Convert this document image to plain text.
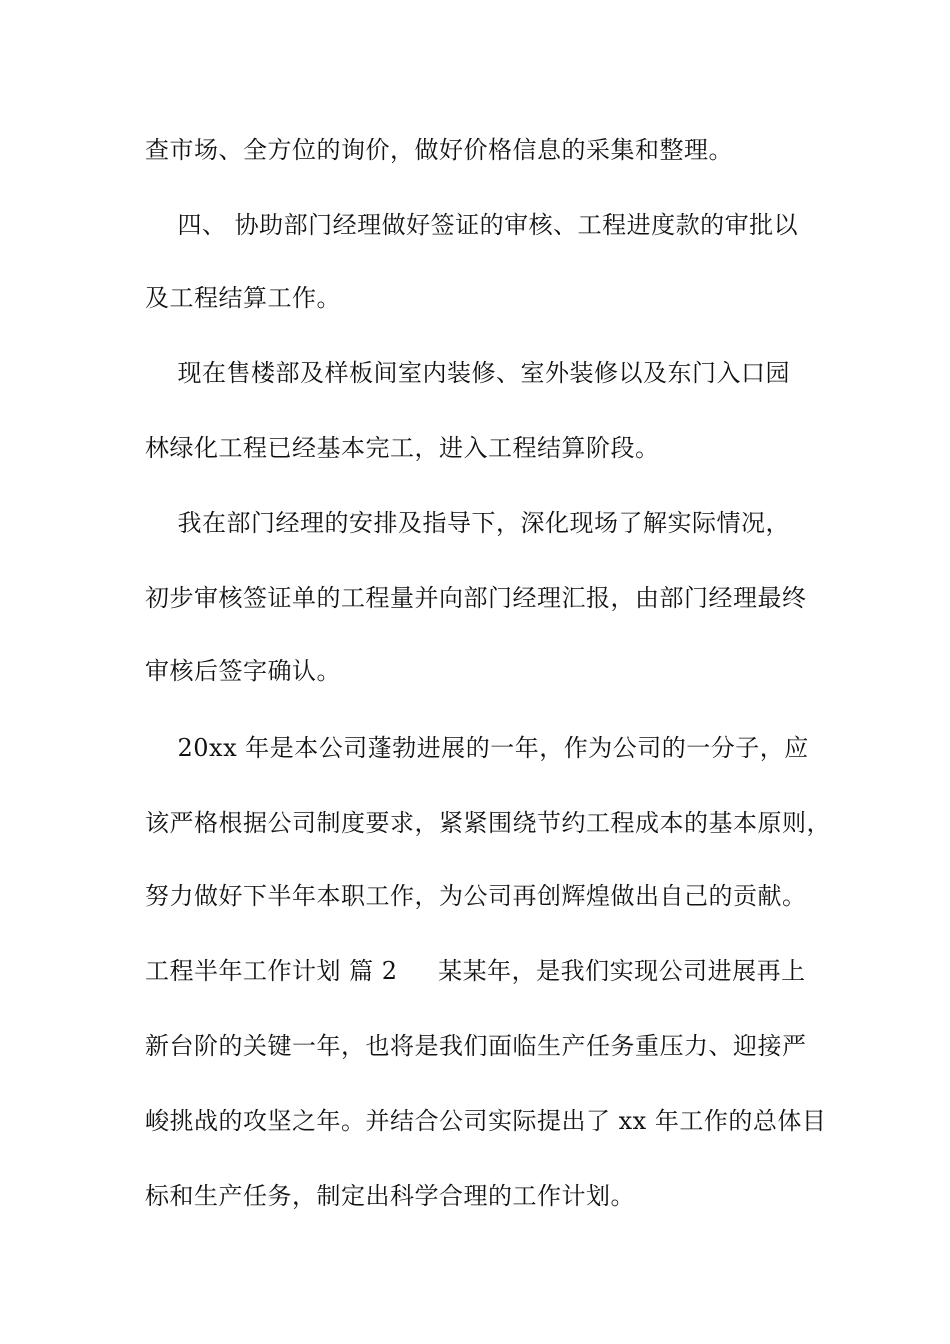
查市场、全方位的询价，做好价格信息的采集和整理。
四、 协助部门经理做好签证的审核、工程进度款的审批以
及工程结算工作。
现在售楼部及样板间室内装修、室外装修以及东门入口园
林绿化工程已经基本完工，进入工程结算阶段。
我在部门经理的安排及指导下，深化现场了解实际情况，
初步审核签证单的工程量并向部门经理汇报，由部门经理最终
审核后签字确认。
20xx 年是本公司蓬勃进展的一年，作为公司的一分子，应
该严格根据公司制度要求，紧紧围绕节约工程成本的基本原则，
努力做好下半年本职工作，为公司再创辉煌做出自己的贡献。
工程半年工作计划 篇 2     某某年，是我们实现公司进展再上
新台阶的关键一年，也将是我们面临生产任务重压力、迎接严
峻挑战的攻坚之年。并结合公司实际提出了 xx 年工作的总体目
标和生产任务，制定出科学合理的工作计划。
